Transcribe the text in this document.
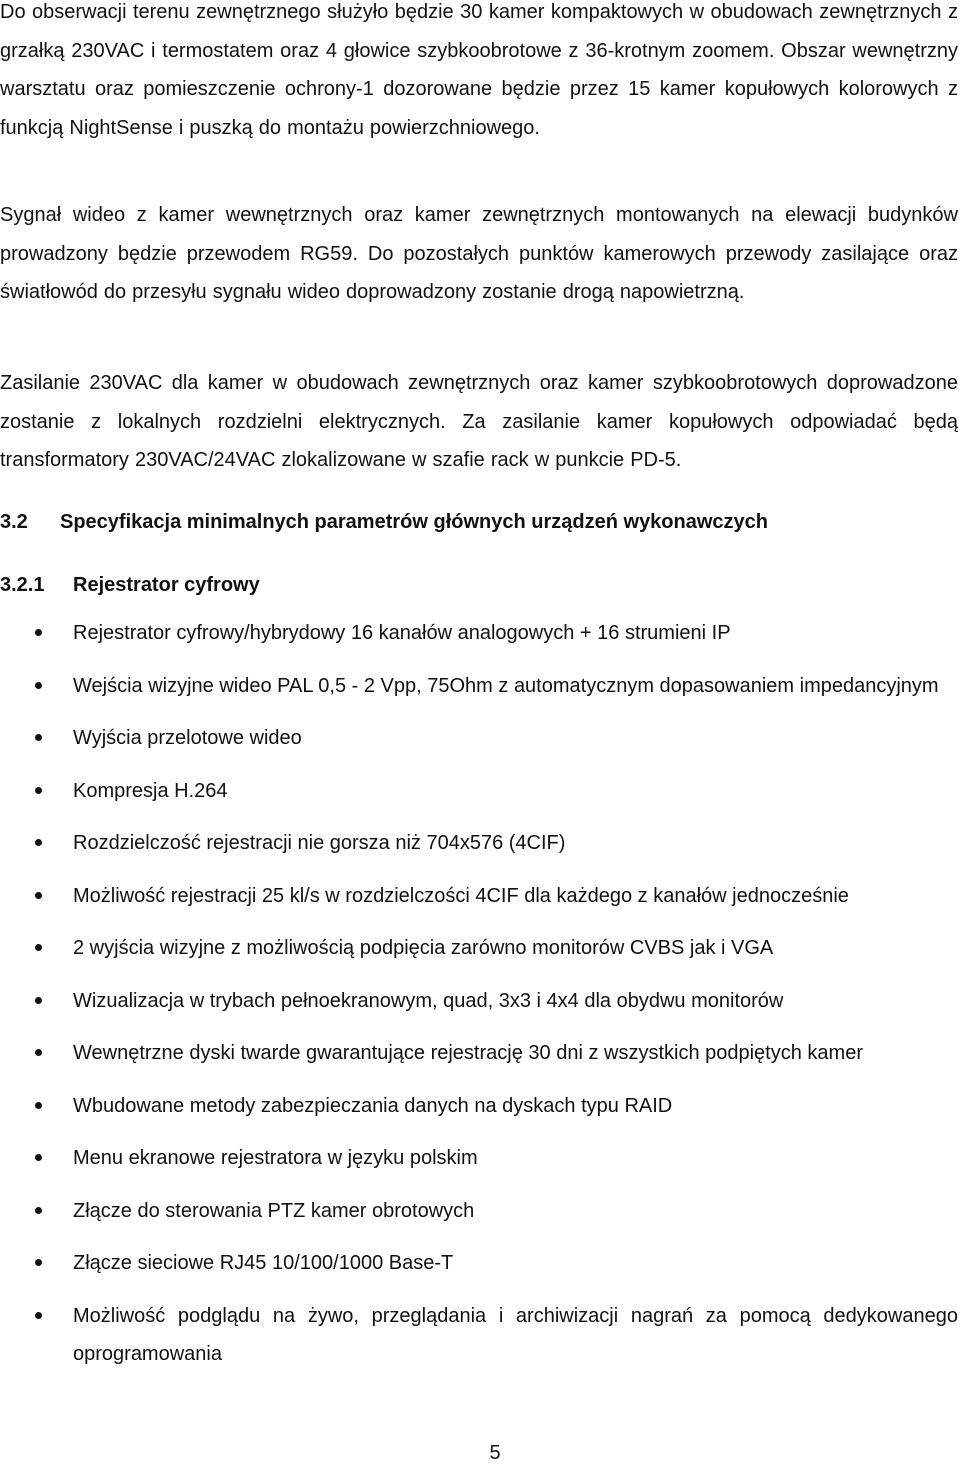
Do obserwacji terenu zewnętrznego służyło będzie 30 kamer kompaktowych w obudowach zewnętrznych z grzałką 230VAC i termostatem oraz 4 głowice szybkoobrotowe z 36-krotnym zoomem. Obszar wewnętrzny warsztatu oraz pomieszczenie ochrony-1 dozorowane będzie przez 15 kamer kopułowych kolorowych z funkcją NightSense i puszką do montażu powierzchniowego.

Sygnał wideo z kamer wewnętrznych oraz kamer zewnętrznych montowanych na elewacji budynków prowadzony będzie przewodem RG59. Do pozostałych punktów kamerowych przewody zasilające oraz światłowód do przesyłu sygnału wideo doprowadzony zostanie drogą napowietrzną.

Zasilanie 230VAC dla kamer w obudowach zewnętrznych oraz kamer szybkoobrotowych doprowadzone zostanie z lokalnych rozdzielni elektrycznych. Za zasilanie kamer kopułowych odpowiadać będą transformatory 230VAC/24VAC zlokalizowane w szafie rack w punkcie PD-5.

3.2 Specyfikacja minimalnych parametrów głównych urządzeń wykonawczych
3.2.1 Rejestrator cyfrowy
Rejestrator cyfrowy/hybrydowy 16 kanałów analogowych + 16 strumieni IP
Wejścia wizyjne wideo PAL 0,5 - 2 Vpp, 75Ohm z automatycznym dopasowaniem impedancyjnym
Wyjścia przelotowe wideo
Kompresja H.264
Rozdzielczość rejestracji nie gorsza niż 704x576 (4CIF)
Możliwość rejestracji 25 kl/s w rozdzielczości 4CIF dla każdego z kanałów jednocześnie
2 wyjścia wizyjne z możliwością podpięcia zarówno monitorów CVBS jak i VGA
Wizualizacja w trybach pełnoekranowym, quad, 3x3 i 4x4 dla obydwu monitorów
Wewnętrzne dyski twarde gwarantujące rejestrację 30 dni z wszystkich podpiętych kamer
Wbudowane metody zabezpieczania danych na dyskach typu RAID
Menu ekranowe rejestratora w języku polskim
Złącze do sterowania PTZ kamer obrotowych
Złącze sieciowe RJ45 10/100/1000 Base-T
Możliwość podglądu na żywo, przeglądania i archiwizacji nagrań za pomocą dedykowanego oprogramowania
5
